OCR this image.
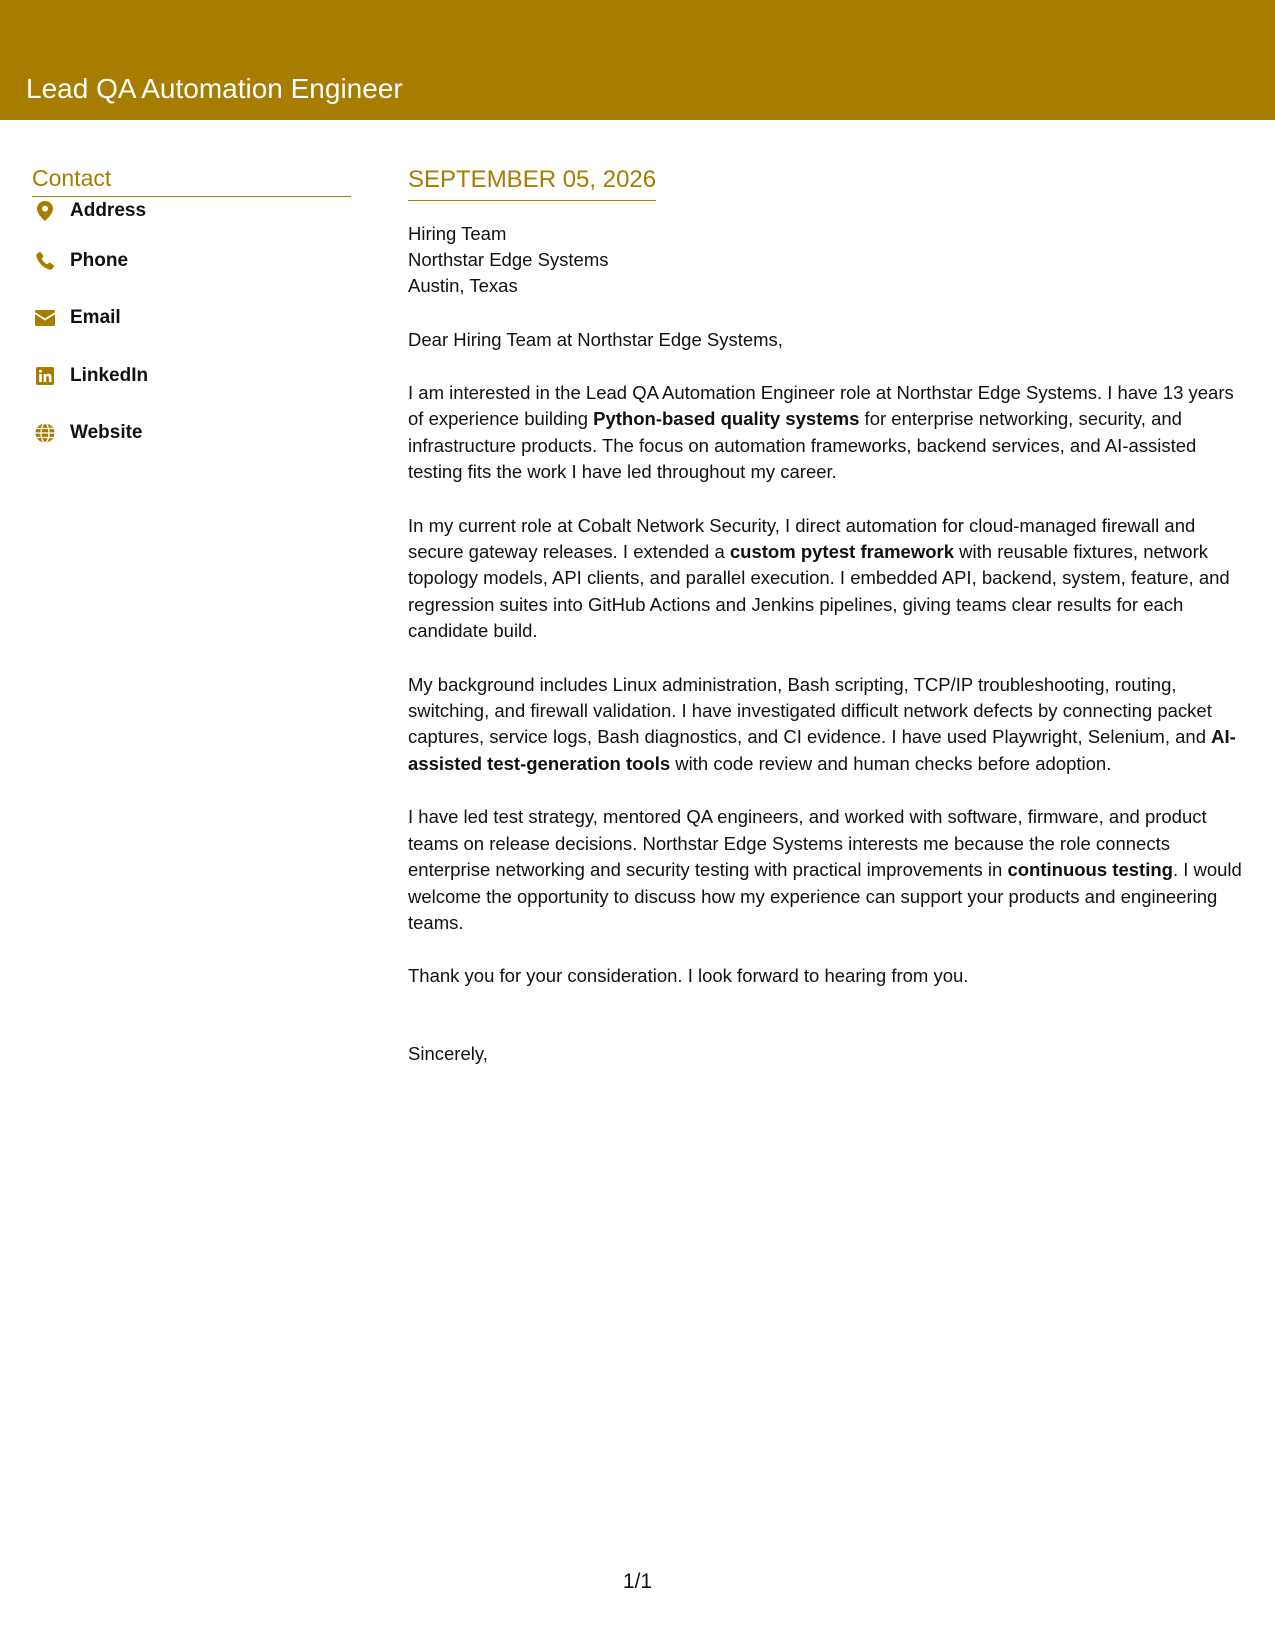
Lead QA Automation Engineer
Contact
Address
Phone
Email
LinkedIn
Website
SEPTEMBER 05, 2026
Hiring Team
Northstar Edge Systems
Austin, Texas
Dear Hiring Team at Northstar Edge Systems,
I am interested in the Lead QA Automation Engineer role at Northstar Edge Systems. I have 13 years of experience building Python-based quality systems for enterprise networking, security, and infrastructure products. The focus on automation frameworks, backend services, and AI-assisted testing fits the work I have led throughout my career.
In my current role at Cobalt Network Security, I direct automation for cloud-managed firewall and secure gateway releases. I extended a custom pytest framework with reusable fixtures, network topology models, API clients, and parallel execution. I embedded API, backend, system, feature, and regression suites into GitHub Actions and Jenkins pipelines, giving teams clear results for each candidate build.
My background includes Linux administration, Bash scripting, TCP/IP troubleshooting, routing, switching, and firewall validation. I have investigated difficult network defects by connecting packet captures, service logs, Bash diagnostics, and CI evidence. I have used Playwright, Selenium, and AI-assisted test-generation tools with code review and human checks before adoption.
I have led test strategy, mentored QA engineers, and worked with software, firmware, and product teams on release decisions. Northstar Edge Systems interests me because the role connects enterprise networking and security testing with practical improvements in continuous testing. I would welcome the opportunity to discuss how my experience can support your products and engineering teams.
Thank you for your consideration. I look forward to hearing from you.
Sincerely,
1/1
